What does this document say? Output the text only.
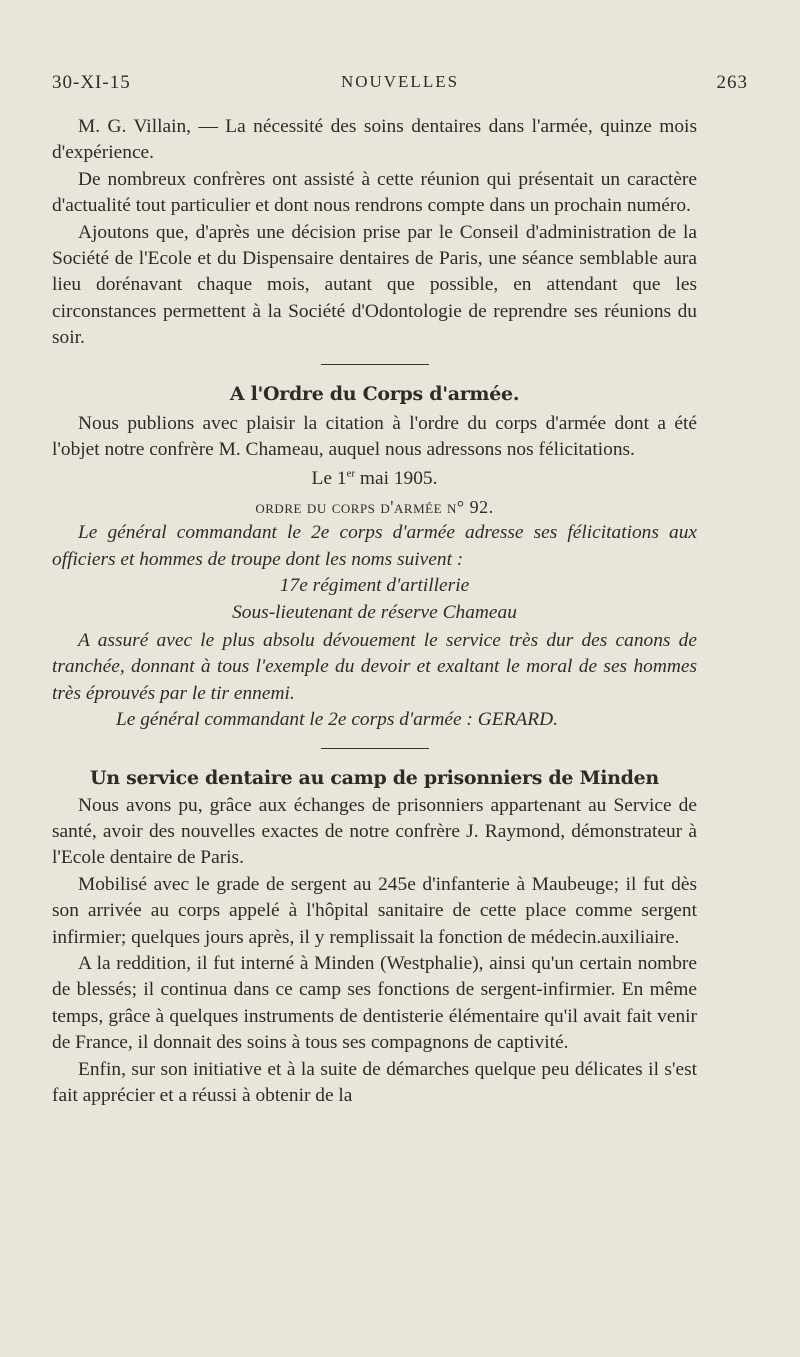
30-XI-15	NOUVELLES	263

M. G. Villain, — La nécessité des soins dentaires dans l'armée, quinze mois d'expérience.

De nombreux confrères ont assisté à cette réunion qui présentait un caractère d'actualité tout particulier et dont nous rendrons compte dans un prochain numéro.

Ajoutons que, d'après une décision prise par le Conseil d'administration de la Société de l'Ecole et du Dispensaire dentaires de Paris, une séance semblable aura lieu dorénavant chaque mois, autant que possible, en attendant que les circonstances permettent à la Société d'Odontologie de reprendre ses réunions du soir.

A l'Ordre du Corps d'armée.

Nous publions avec plaisir la citation à l'ordre du corps d'armée dont a été l'objet notre confrère M. Chameau, auquel nous adressons nos félicitations.

Le 1er mai 1905.
ordre du corps d'armée n° 92.

Le général commandant le 2e corps d'armée adresse ses félicitations aux officiers et hommes de troupe dont les noms suivent :

17e régiment d'artillerie
Sous-lieutenant de réserve Chameau

A assuré avec le plus absolu dévouement le service très dur des canons de tranchée, donnant à tous l'exemple du devoir et exaltant le moral de ses hommes très éprouvés par le tir ennemi.

Le général commandant le 2e corps d'armée : GERARD.

Un service dentaire au camp de prisonniers de Minden

Nous avons pu, grâce aux échanges de prisonniers appartenant au Service de santé, avoir des nouvelles exactes de notre confrère J. Raymond, démonstrateur à l'Ecole dentaire de Paris.

Mobilisé avec le grade de sergent au 245e d'infanterie à Maubeuge; il fut dès son arrivée au corps appelé à l'hôpital sanitaire de cette place comme sergent infirmier; quelques jours après, il y remplissait la fonction de médecin.auxiliaire.

A la reddition, il fut interné à Minden (Westphalie), ainsi qu'un certain nombre de blessés; il continua dans ce camp ses fonctions de sergent-infirmier. En même temps, grâce à quelques instruments de dentisterie élémentaire qu'il avait fait venir de France, il donnait des soins à tous ses compagnons de captivité.

Enfin, sur son initiative et à la suite de démarches quelque peu délicates il s'est fait apprécier et a réussi à obtenir de la
